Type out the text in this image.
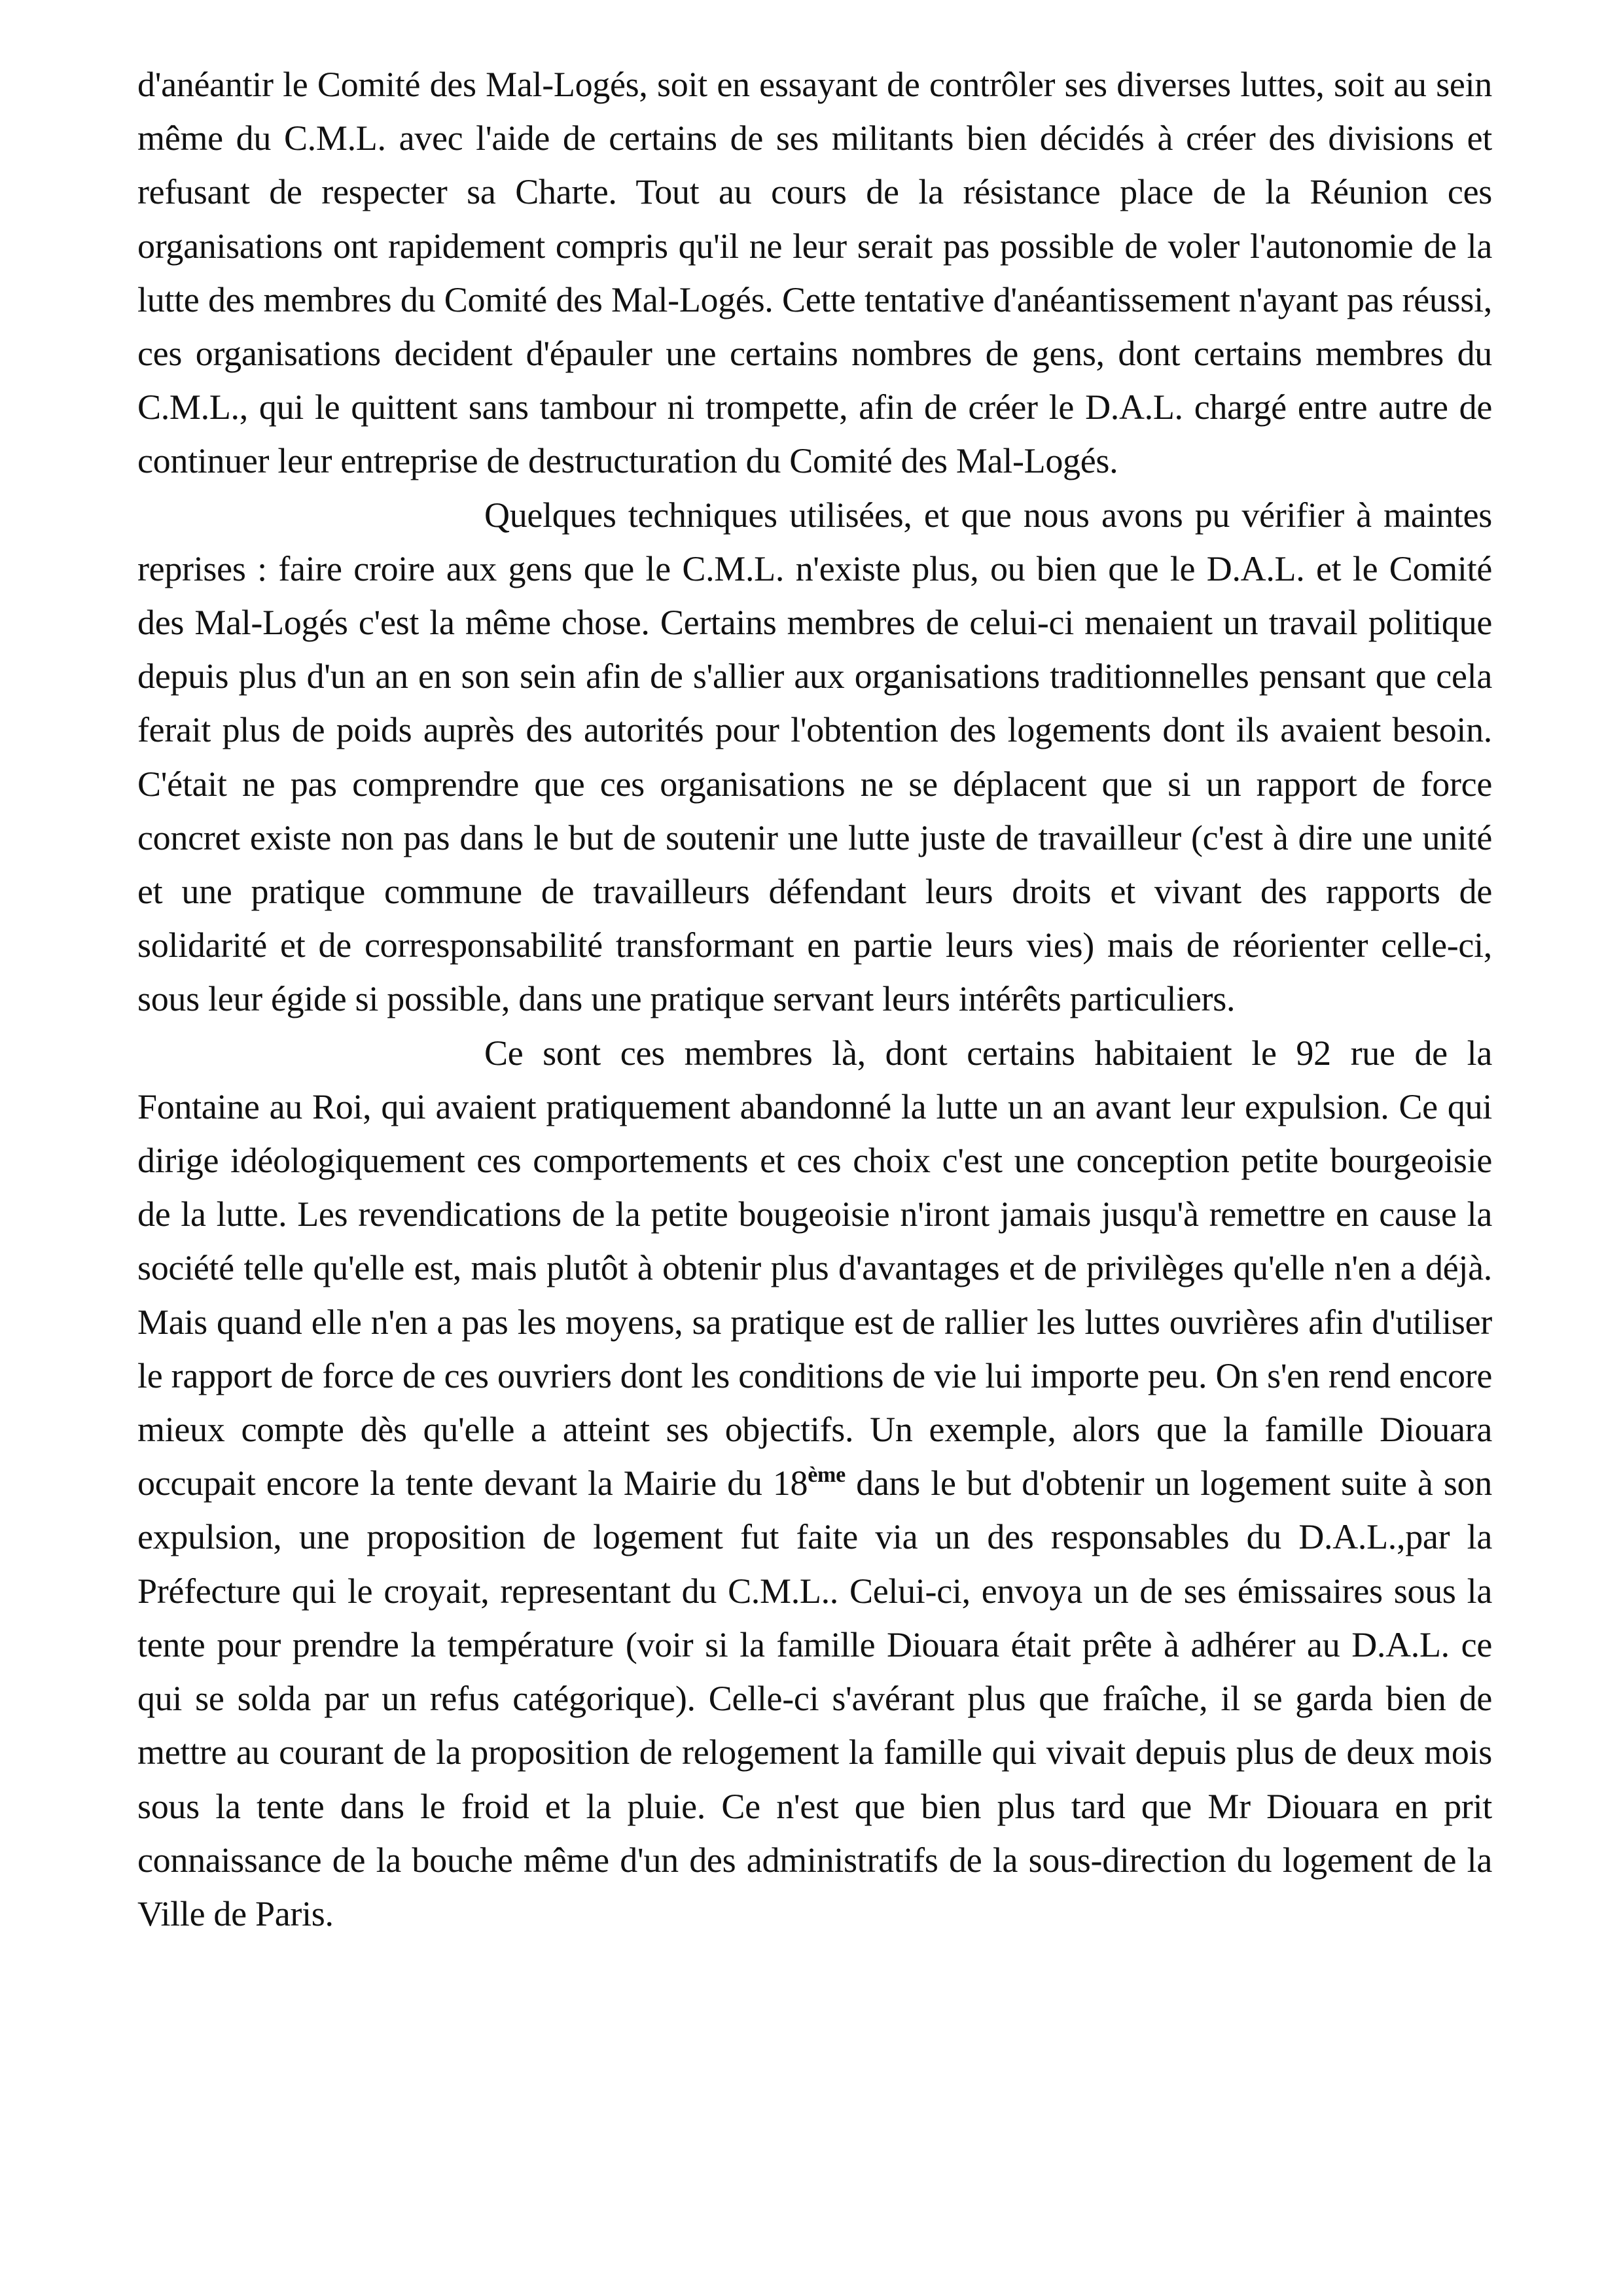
d'anéantir le Comité des Mal-Logés, soit en essayant de contrôler ses diverses luttes, soit au sein même du C.M.L. avec l'aide de certains de ses militants bien décidés à créer des divisions et refusant de respecter sa Charte. Tout au cours de la résistance place de la Réunion ces organisations ont rapidement compris qu'il ne leur serait pas possible de voler l'autonomie de la lutte des membres du Comité des Mal-Logés. Cette tentative d'anéantissement n'ayant pas réussi, ces organisations decident d'épauler une certains nombres de gens, dont certains membres du C.M.L., qui le quittent sans tambour ni trompette, afin de créer le D.A.L. chargé entre autre de continuer leur entreprise de destructuration du Comité des Mal-Logés.

Quelques techniques utilisées, et que nous avons pu vérifier à maintes reprises : faire croire aux gens que le C.M.L. n'existe plus, ou bien que le D.A.L. et le Comité des Mal-Logés c'est la même chose. Certains membres de celui-ci menaient un travail politique depuis plus d'un an en son sein afin de s'allier aux organisations traditionnelles pensant que cela ferait plus de poids auprès des autorités pour l'obtention des logements dont ils avaient besoin. C'était ne pas comprendre que ces organisations ne se déplacent que si un rapport de force concret existe non pas dans le but de soutenir une lutte juste de travailleur (c'est à dire une unité et une pratique commune de travailleurs défendant leurs droits et vivant des rapports de solidarité et de corresponsabilité transformant en partie leurs vies) mais de réorienter celle-ci, sous leur égide si possible, dans une pratique servant leurs intérêts particuliers.

Ce sont ces membres là, dont certains habitaient le 92 rue de la Fontaine au Roi, qui avaient pratiquement abandonné la lutte un an avant leur expulsion. Ce qui dirige idéologiquement ces comportements et ces choix c'est une conception petite bourgeoisie de la lutte. Les revendications de la petite bougeoisie n'iront jamais jusqu'à remettre en cause la société telle qu'elle est, mais plutôt à obtenir plus d'avantages et de privilèges qu'elle n'en a déjà. Mais quand elle n'en a pas les moyens, sa pratique est de rallier les luttes ouvrières afin d'utiliser le rapport de force de ces ouvriers dont les conditions de vie lui importe peu. On s'en rend encore mieux compte dès qu'elle a atteint ses objectifs. Un exemple, alors que la famille Diouara occupait encore la tente devant la Mairie du 18ème dans le but d'obtenir un logement suite à son expulsion, une proposition de logement fut faite via un des responsables du D.A.L.,par la Préfecture qui le croyait, representant du C.M.L.. Celui-ci, envoya un de ses émissaires sous la tente pour prendre la température (voir si la famille Diouara était prête à adhérer au D.A.L. ce qui se solda par un refus catégorique). Celle-ci s'avérant plus que fraîche, il se garda bien de mettre au courant de la proposition de relogement la famille qui vivait depuis plus de deux mois sous la tente dans le froid et la pluie. Ce n'est que bien plus tard que Mr Diouara en prit connaissance de la bouche même d'un des administratifs de la sous-direction du logement de la Ville de Paris.
